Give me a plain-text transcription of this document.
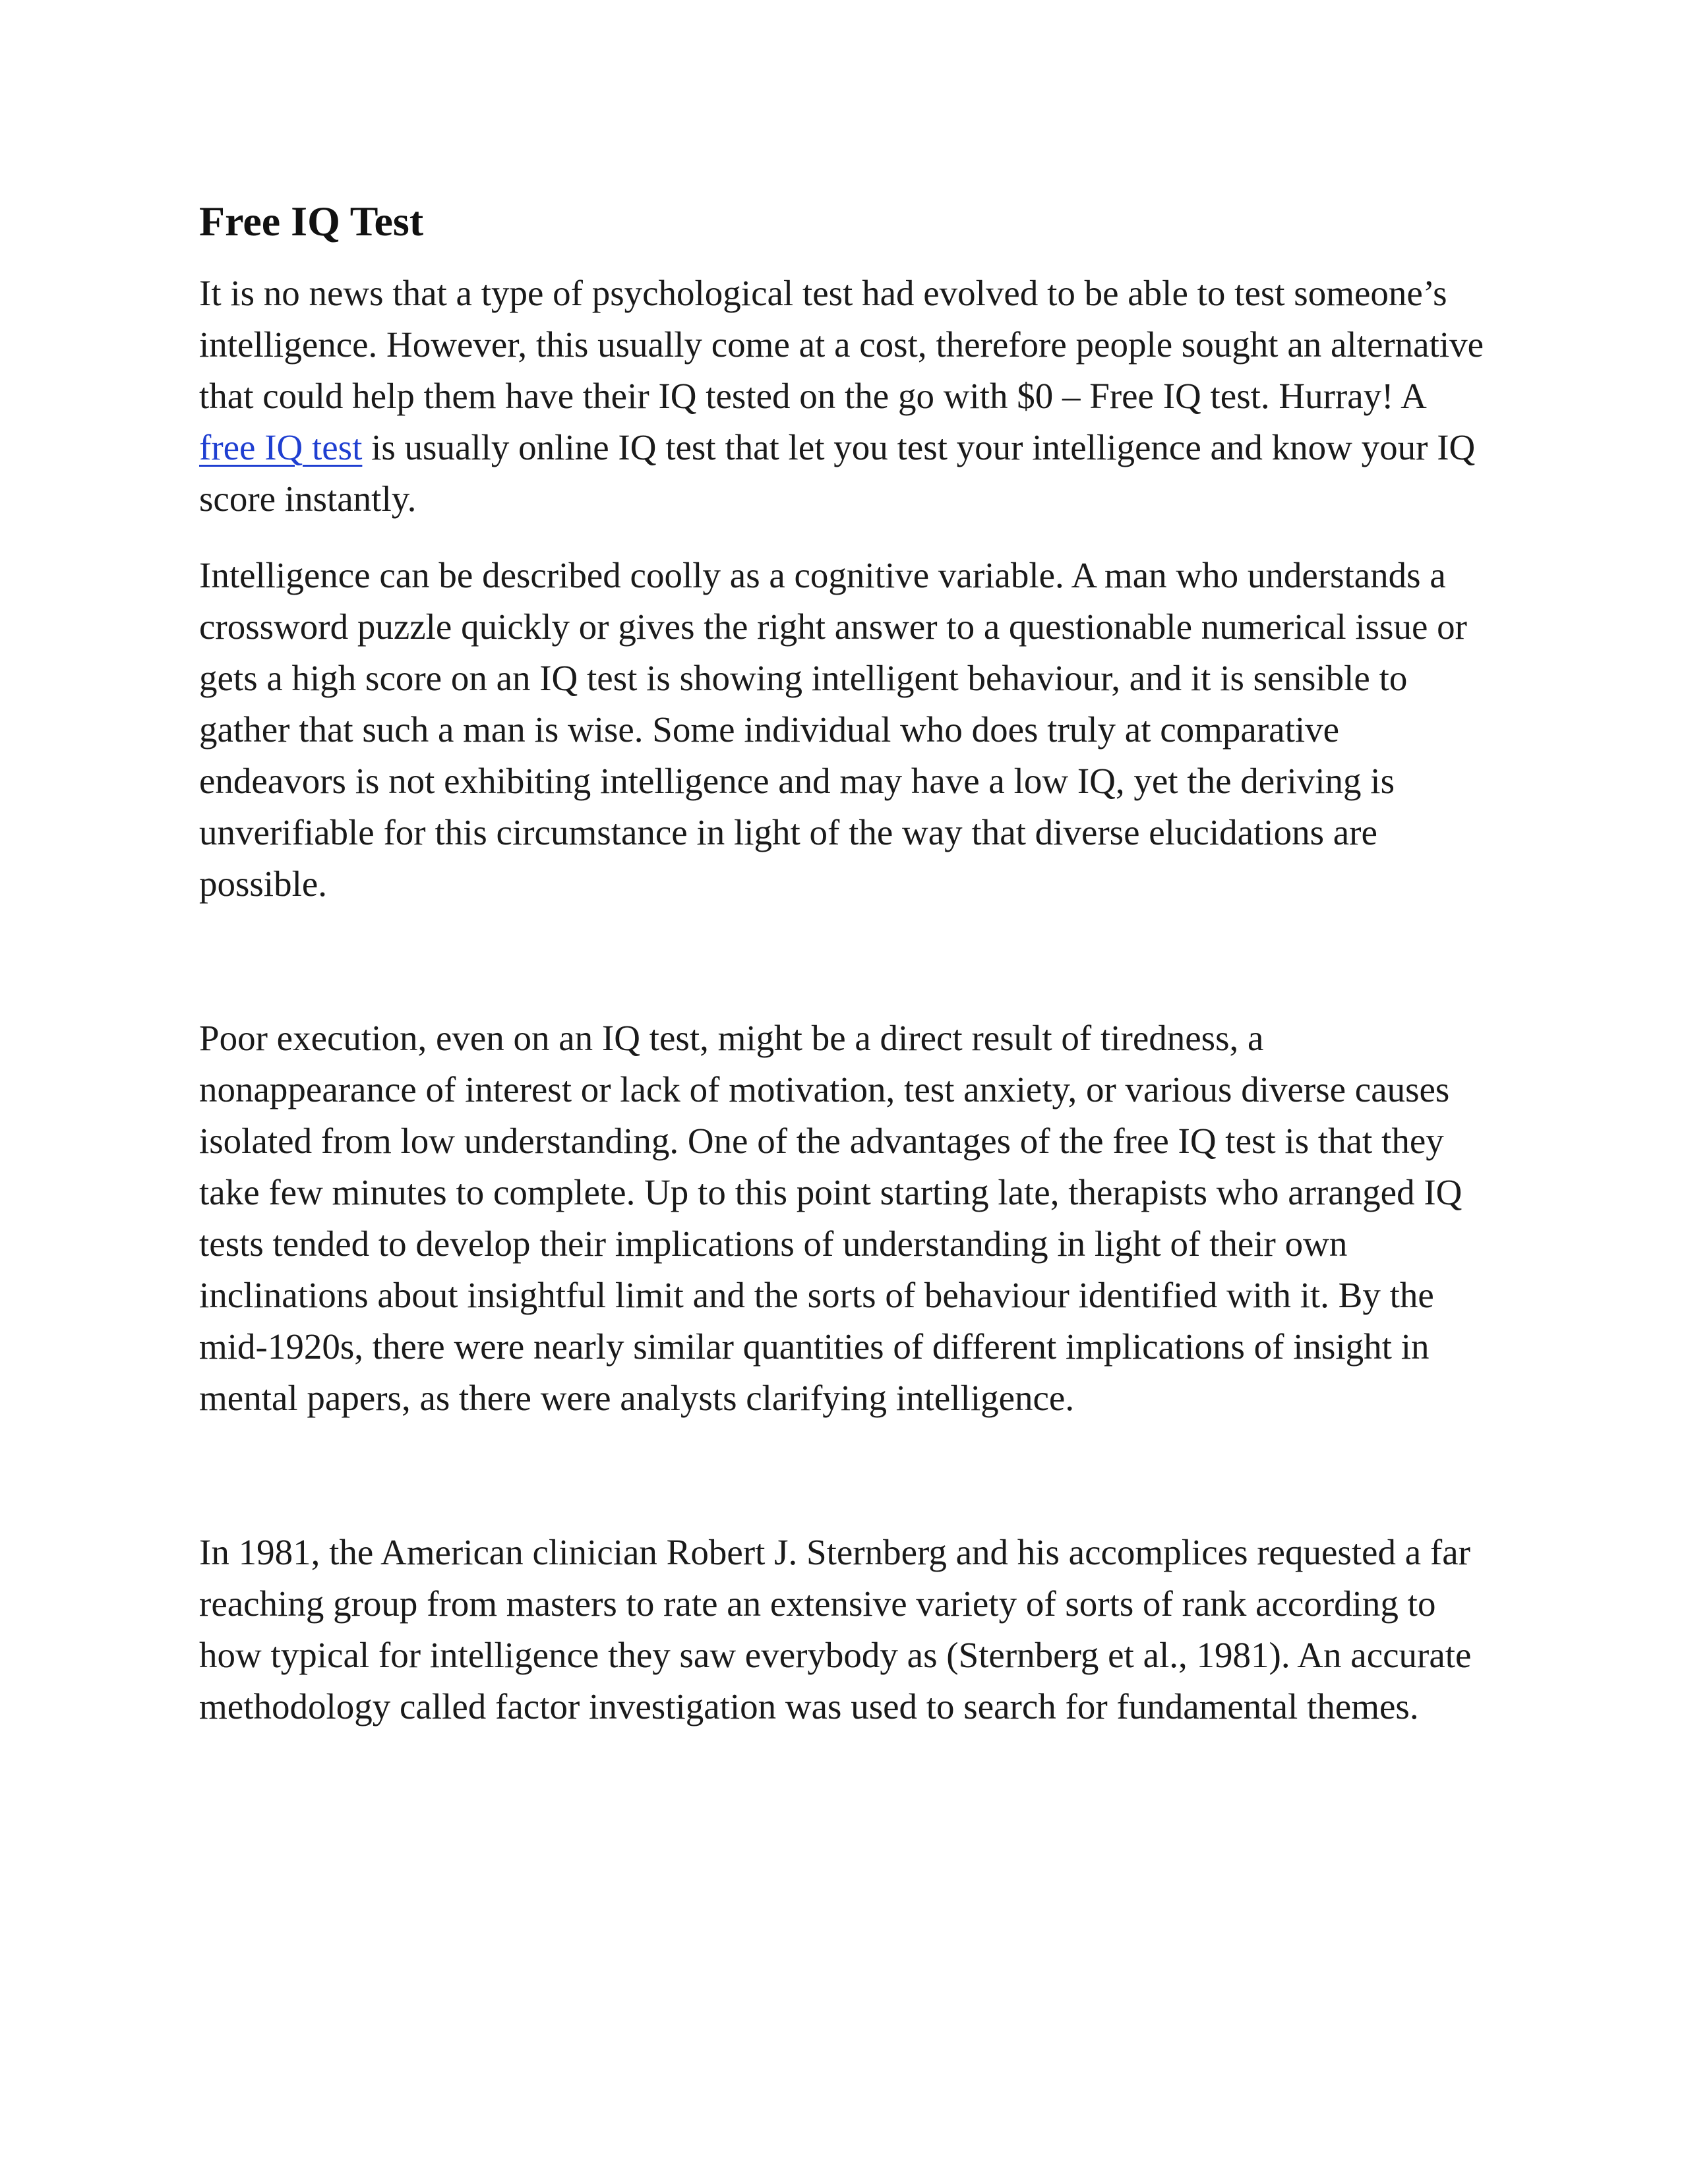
Free IQ Test

It is no news that a type of psychological test had evolved to be able to test someone’s intelligence. However, this usually come at a cost, therefore people sought an alternative that could help them have their IQ tested on the go with $0 – Free IQ test. Hurray! A free IQ test is usually online IQ test that let you test your intelligence and know your IQ score instantly.

Intelligence can be described coolly as a cognitive variable. A man who understands a crossword puzzle quickly or gives the right answer to a questionable numerical issue or gets a high score on an IQ test is showing intelligent behaviour, and it is sensible to gather that such a man is wise. Some individual who does truly at comparative endeavors is not exhibiting intelligence and may have a low IQ, yet the deriving is unverifiable for this circumstance in light of the way that diverse elucidations are possible.

Poor execution, even on an IQ test, might be a direct result of tiredness, a nonappearance of interest or lack of motivation, test anxiety, or various diverse causes isolated from low understanding. One of the advantages of the free IQ test is that they take few minutes to complete. Up to this point starting late, therapists who arranged IQ tests tended to develop their implications of understanding in light of their own inclinations about insightful limit and the sorts of behaviour identified with it. By the mid-1920s, there were nearly similar quantities of different implications of insight in mental papers, as there were analysts clarifying intelligence.

In 1981, the American clinician Robert J. Sternberg and his accomplices requested a far reaching group from masters to rate an extensive variety of sorts of rank according to how typical for intelligence they saw everybody as (Sternberg et al., 1981). An accurate methodology called factor investigation was used to search for fundamental themes.
